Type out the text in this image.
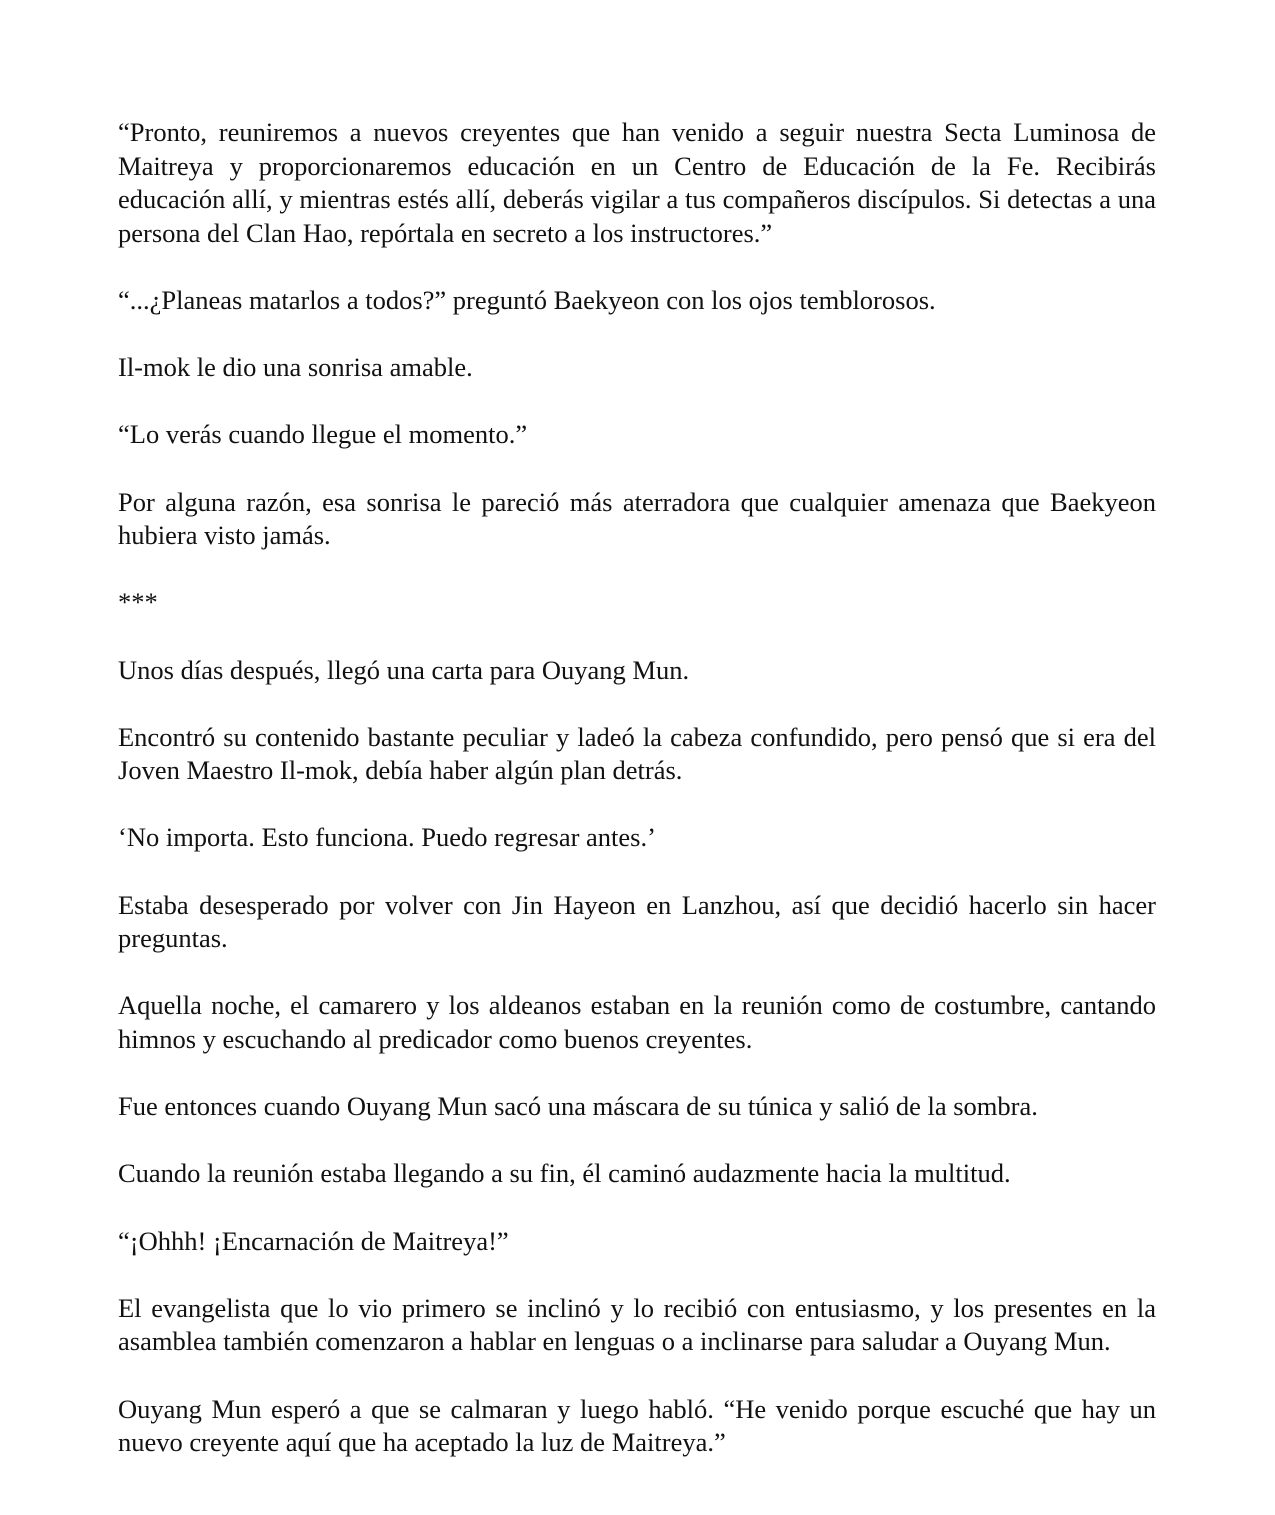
“Pronto, reuniremos a nuevos creyentes que han venido a seguir nuestra Secta Luminosa de Maitreya y proporcionaremos educación en un Centro de Educación de la Fe. Recibirás educación allí, y mientras estés allí, deberás vigilar a tus compañeros discípulos. Si detectas a una persona del Clan Hao, repórtala en secreto a los instructores.”

“...¿Planeas matarlos a todos?” preguntó Baekyeon con los ojos temblorosos.

Il-mok le dio una sonrisa amable.

“Lo verás cuando llegue el momento.”

Por alguna razón, esa sonrisa le pareció más aterradora que cualquier amenaza que Baekyeon hubiera visto jamás.

***

Unos días después, llegó una carta para Ouyang Mun.

Encontró su contenido bastante peculiar y ladeó la cabeza confundido, pero pensó que si era del Joven Maestro Il-mok, debía haber algún plan detrás.

‘No importa. Esto funciona. Puedo regresar antes.’

Estaba desesperado por volver con Jin Hayeon en Lanzhou, así que decidió hacerlo sin hacer preguntas.

Aquella noche, el camarero y los aldeanos estaban en la reunión como de costumbre, cantando himnos y escuchando al predicador como buenos creyentes.

Fue entonces cuando Ouyang Mun sacó una máscara de su túnica y salió de la sombra.

Cuando la reunión estaba llegando a su fin, él caminó audazmente hacia la multitud.

“¡Ohhh! ¡Encarnación de Maitreya!”

El evangelista que lo vio primero se inclinó y lo recibió con entusiasmo, y los presentes en la asamblea también comenzaron a hablar en lenguas o a inclinarse para saludar a Ouyang Mun.

Ouyang Mun esperó a que se calmaran y luego habló. “He venido porque escuché que hay un nuevo creyente aquí que ha aceptado la luz de Maitreya.”
